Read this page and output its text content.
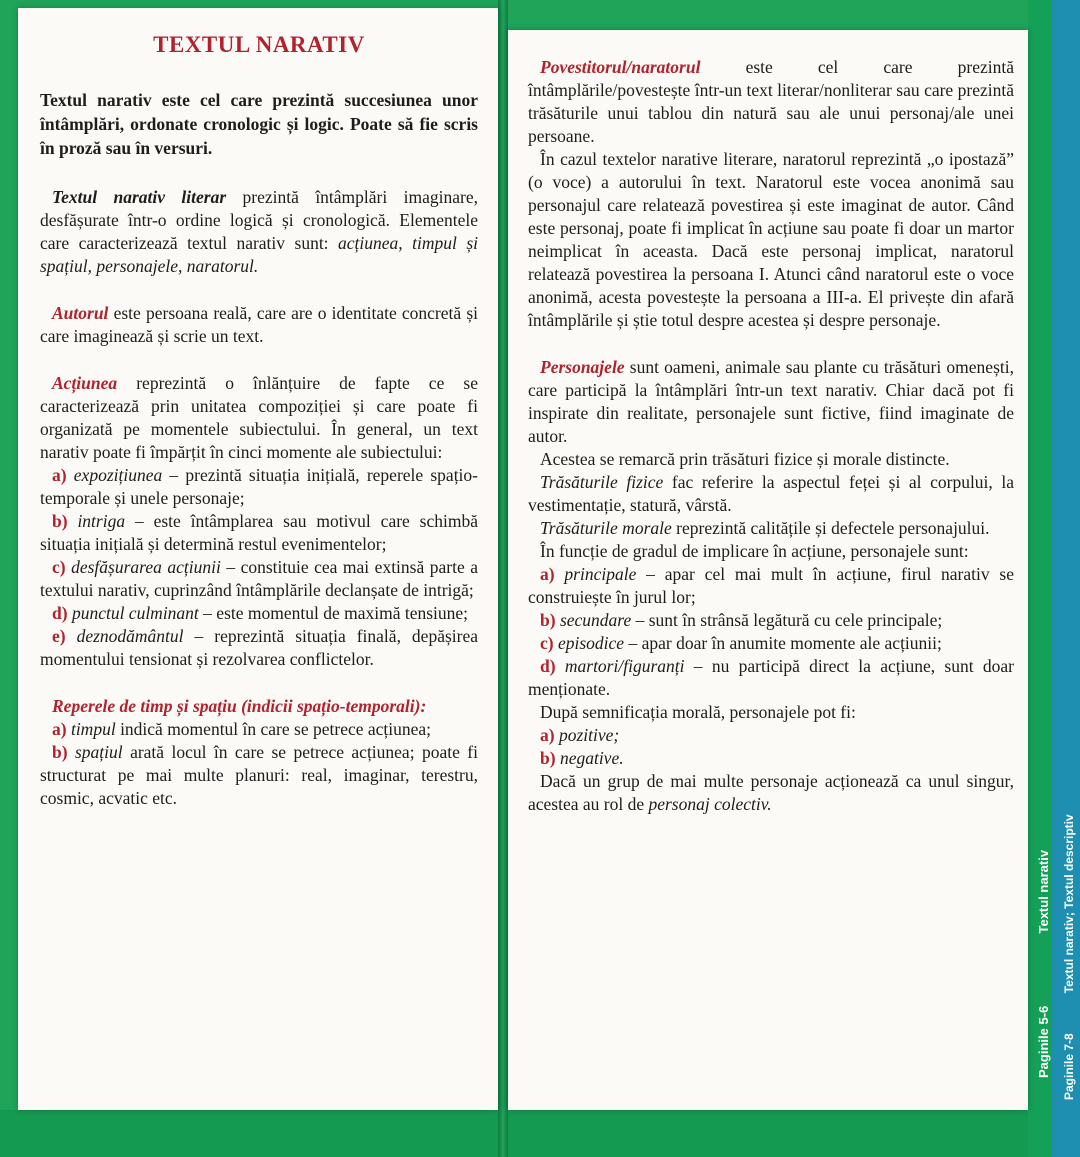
Paginile 5-6                    Textul narativ
Paginile 7-8            Textul narativ; Textul descriptiv
TEXTUL NARATIV

Textul narativ este cel care prezintă succesiunea unor întâmplări, ordonate cronologic și logic. Poate să fie scris în proză sau în versuri.

Textul narativ literar prezintă întâmplări imaginare, desfășurate într-o ordine logică și cronologică. Elementele care caracterizează textul narativ sunt: acțiunea, timpul și spațiul, personajele, naratorul.

Autorul este persoana reală, care are o identitate concretă și care imaginează și scrie un text.

Acțiunea reprezintă o înlănțuire de fapte ce se caracterizează prin unitatea compoziției și care poate fi organizată pe momentele subiectului. În general, un text narativ poate fi împărțit în cinci momente ale subiectului:

a) expozițiunea – prezintă situația inițială, reperele spațio-temporale și unele personaje;

b) intriga – este întâmplarea sau motivul care schimbă situația inițială și determină restul evenimentelor;

c) desfășurarea acțiunii – constituie cea mai extinsă parte a textului narativ, cuprinzând întâmplările declanșate de intrigă;

d) punctul culminant – este momentul de maximă tensiune;

e) deznodământul – reprezintă situația finală, depășirea momentului tensionat și rezolvarea conflictelor.

Reperele de timp și spațiu (indicii spațio-temporali):

a) timpul indică momentul în care se petrece acțiunea;

b) spațiul arată locul în care se petrece acțiunea; poate fi structurat pe mai multe planuri: real, imaginar, terestru, cosmic, acvatic etc.

Povestitorul/naratorul este cel care prezintă întâmplările/povestește într-un text literar/nonliterar sau care prezintă trăsăturile unui tablou din natură sau ale unui personaj/ale unei persoane.

În cazul textelor narative literare, naratorul reprezintă „o ipostază” (o voce) a autorului în text. Naratorul este vocea anonimă sau personajul care relatează povestirea și este imaginat de autor. Când este personaj, poate fi implicat în acțiune sau poate fi doar un martor neimplicat în aceasta. Dacă este personaj implicat, naratorul relatează povestirea la persoana I. Atunci când naratorul este o voce anonimă, acesta povestește la persoana a III-a. El privește din afară întâmplările și știe totul despre acestea și despre personaje.

Personajele sunt oameni, animale sau plante cu trăsături omenești, care participă la întâmplări într-un text narativ. Chiar dacă pot fi inspirate din realitate, personajele sunt fictive, fiind imaginate de autor.

Acestea se remarcă prin trăsături fizice și morale distincte.

Trăsăturile fizice fac referire la aspectul feței și al corpului, la vestimentație, statură, vârstă.

Trăsăturile morale reprezintă calitățile și defectele personajului.

În funcție de gradul de implicare în acțiune, personajele sunt:

a) principale – apar cel mai mult în acțiune, firul narativ se construiește în jurul lor;

b) secundare – sunt în strânsă legătură cu cele principale;

c) episodice – apar doar în anumite momente ale acțiunii;

d) martori/figuranți – nu participă direct la acțiune, sunt doar menționate.

După semnificația morală, personajele pot fi:

a) pozitive;

b) negative.

Dacă un grup de mai multe personaje acționează ca unul singur, acestea au rol de personaj colectiv.
